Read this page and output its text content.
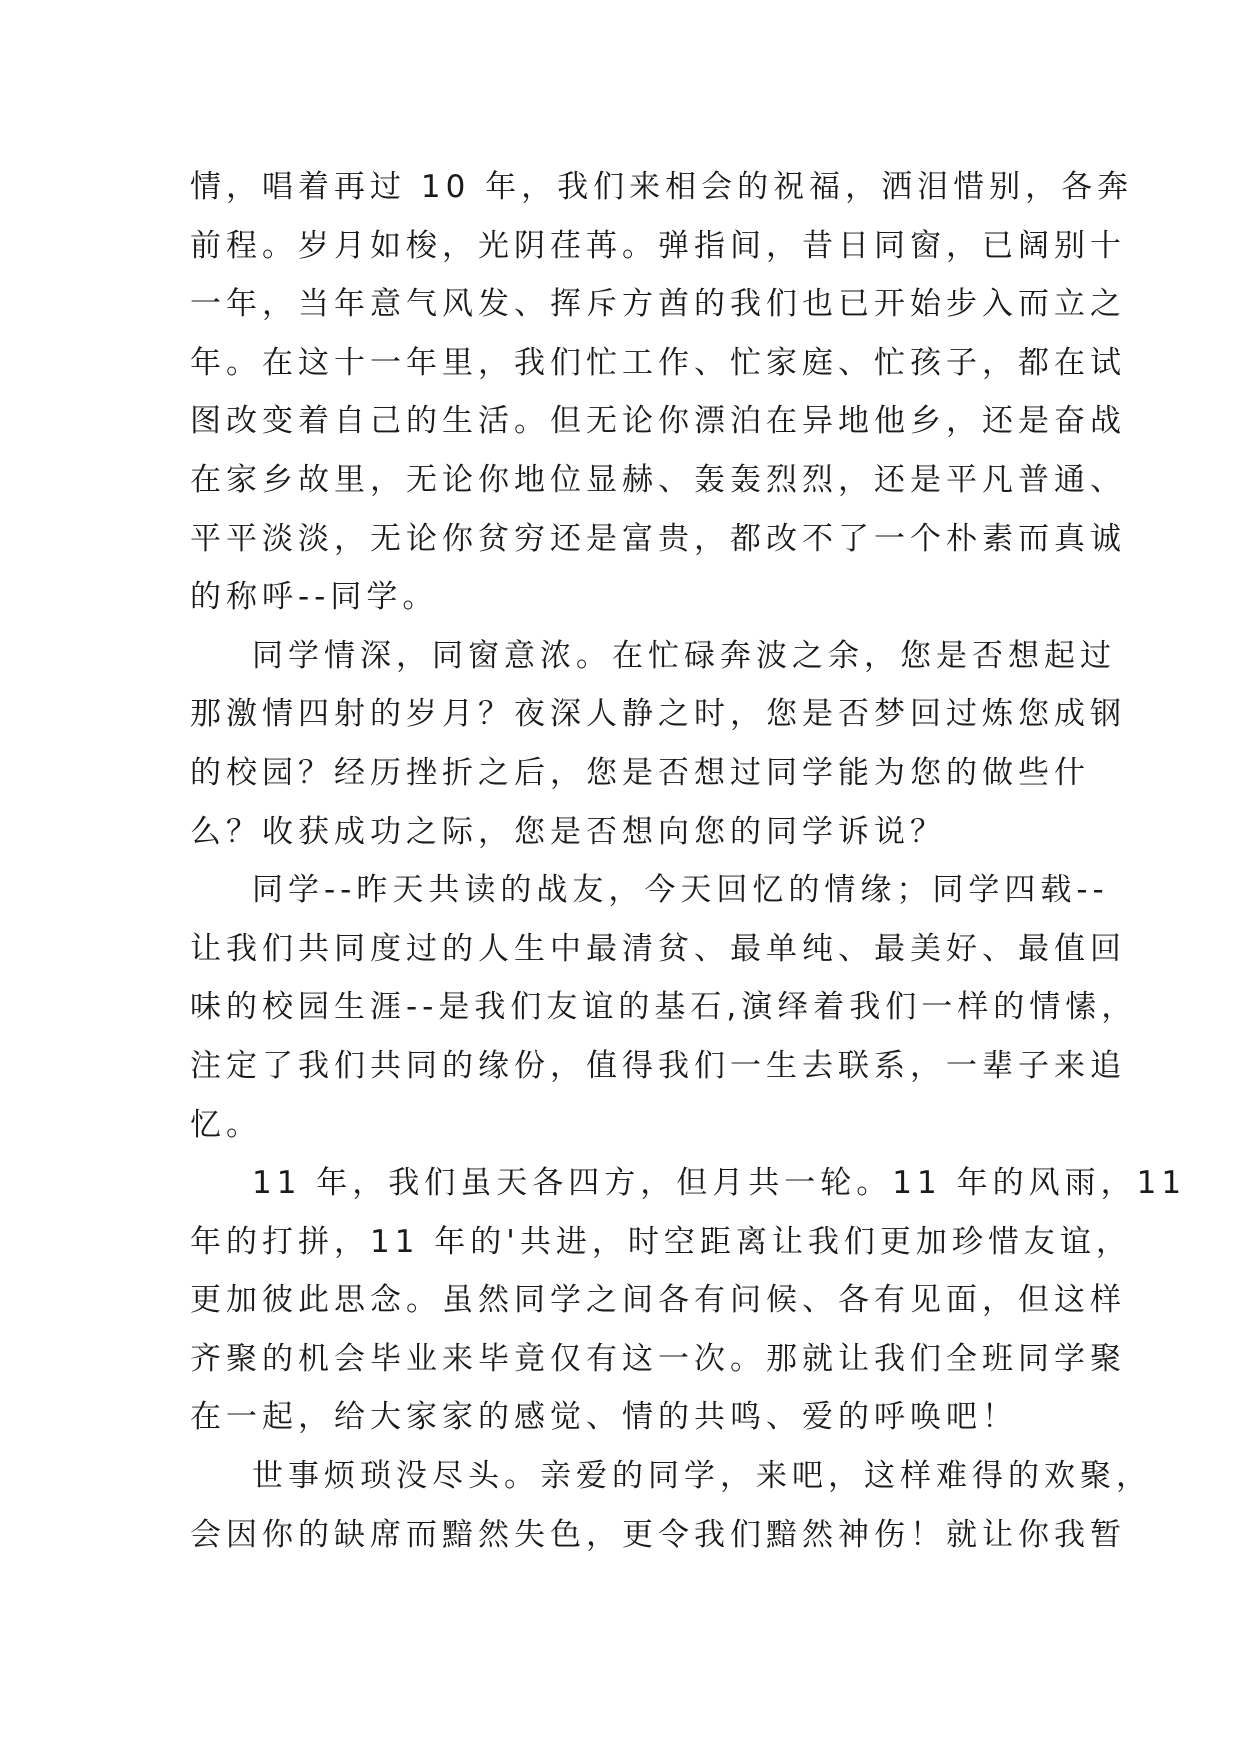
情，唱着再过 10 年，我们来相会的祝福，洒泪惜别，各奔
前程。岁月如梭，光阴荏苒。弹指间，昔日同窗，已阔别十
一年，当年意气风发、挥斥方酋的我们也已开始步入而立之
年。在这十一年里，我们忙工作、忙家庭、忙孩子，都在试
图改变着自己的生活。但无论你漂泊在异地他乡，还是奋战
在家乡故里，无论你地位显赫、轰轰烈烈，还是平凡普通、
平平淡淡，无论你贫穷还是富贵，都改不了一个朴素而真诚
的称呼--同学。
同学情深，同窗意浓。在忙碌奔波之余，您是否想起过
那激情四射的岁月？夜深人静之时，您是否梦回过炼您成钢
的校园？经历挫折之后，您是否想过同学能为您的做些什
么？收获成功之际，您是否想向您的同学诉说？
同学--昨天共读的战友，今天回忆的情缘；同学四载--
让我们共同度过的人生中最清贫、最单纯、最美好、最值回
味的校园生涯--是我们友谊的基石,演绎着我们一样的情愫，
注定了我们共同的缘份，值得我们一生去联系，一辈子来追
忆。
11 年，我们虽天各四方，但月共一轮。11 年的风雨，11
年的打拼，11 年的'共进，时空距离让我们更加珍惜友谊，
更加彼此思念。虽然同学之间各有问候、各有见面，但这样
齐聚的机会毕业来毕竟仅有这一次。那就让我们全班同学聚
在一起，给大家家的感觉、情的共鸣、爱的呼唤吧！
世事烦琐没尽头。亲爱的同学，来吧，这样难得的欢聚，
会因你的缺席而黯然失色，更令我们黯然神伤！就让你我暂
